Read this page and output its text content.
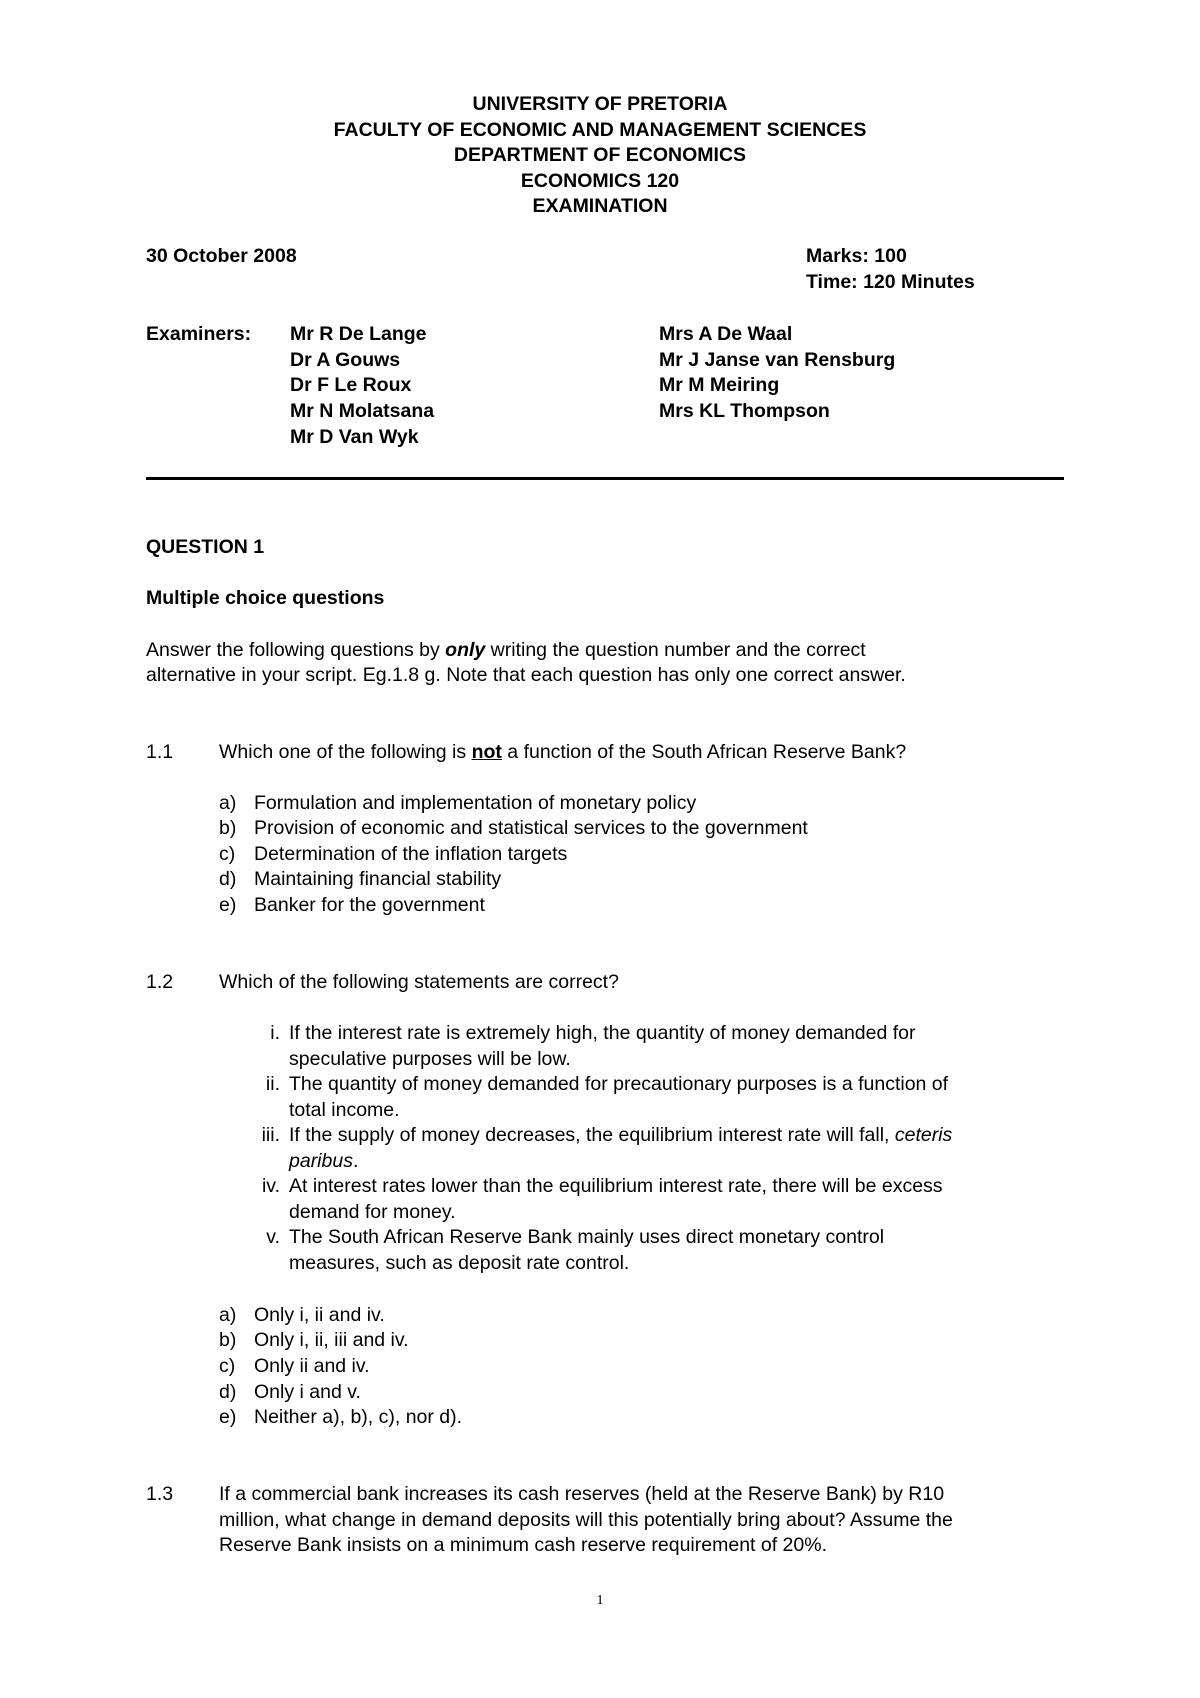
UNIVERSITY OF PRETORIA
FACULTY OF ECONOMIC AND MANAGEMENT SCIENCES
DEPARTMENT OF ECONOMICS
ECONOMICS 120
EXAMINATION
30 October 2008	Marks: 100
Time: 120 Minutes
Examiners: Mr R De Lange
Dr A Gouws
Dr F Le Roux
Mr N Molatsana
Mr D Van Wyk
Mrs A De Waal
Mr J Janse van Rensburg
Mr M Meiring
Mrs KL Thompson
QUESTION 1
Multiple choice questions
Answer the following questions by only writing the question number and the correct
alternative in your script. Eg.1.8 g. Note that each question has only one correct answer.
1.1 Which one of the following is not a function of the South African Reserve Bank?
a) Formulation and implementation of monetary policy
b) Provision of economic and statistical services to the government
c) Determination of the inflation targets
d) Maintaining financial stability
e) Banker for the government
1.2 Which of the following statements are correct?
i. If the interest rate is extremely high, the quantity of money demanded for
speculative purposes will be low.
ii. The quantity of money demanded for precautionary purposes is a function of
total income.
iii. If the supply of money decreases, the equilibrium interest rate will fall, ceteris
paribus.
iv. At interest rates lower than the equilibrium interest rate, there will be excess
demand for money.
v. The South African Reserve Bank mainly uses direct monetary control
measures, such as deposit rate control.
a) Only i, ii and iv.
b) Only i, ii, iii and iv.
c) Only ii and iv.
d) Only i and v.
e) Neither a), b), c), nor d).
1.3 If a commercial bank increases its cash reserves (held at the Reserve Bank) by R10
million, what change in demand deposits will this potentially bring about? Assume the
Reserve Bank insists on a minimum cash reserve requirement of 20%.
1
